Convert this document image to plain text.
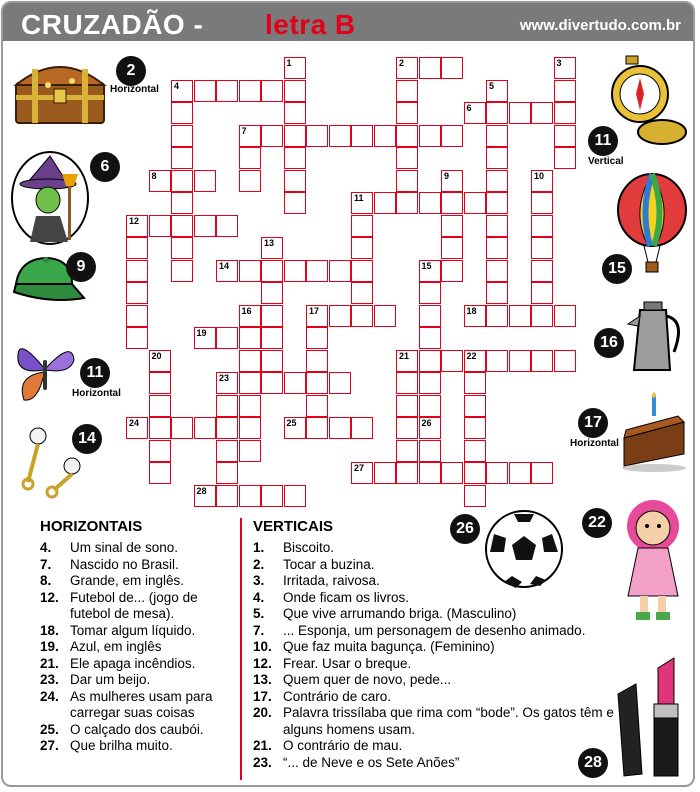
CRUZADÃO - letra B	www.divertudo.com.br
1	2	3
4	5
6
7
8	9	10
11
12
13
14	15
16	17	18
19
20	21	22
23
24	25	26
27
28
2
Horizontal
6
9
11
Horizontal
14
11
Vertical
15
16
17
Horizontal
26	22
28
HORIZONTAIS
4.	Um sinal de sono.
7.	Nascido no Brasil.
8.	Grande, em inglês.
12. Futebol de... (jogo de futebol de mesa).
18. Tomar algum líquido.
19. Azul, em inglês
21. Ele apaga incêndios.
23. Dar um beijo.
24. As mulheres usam para carregar suas coisas
25. O calçado dos caubói.
27. Que brilha muito.
VERTICAIS
1.	Biscoito.
2.	Tocar a buzina.
3.	Irritada, raivosa.
4.	Onde ficam os livros.
5.	Que vive arrumando briga. (Masculino)
7.	... Esponja, um personagem de desenho animado.
10. Que faz muita bagunça. (Feminino)
12. Frear. Usar o breque.
13. Quem quer de novo, pede...
17. Contrário de caro.
20. Palavra trissílaba que rima com “bode”. Os gatos têm e alguns homens usam.
21. O contrário de mau.
23. “... de Neve e os Sete Anões”
